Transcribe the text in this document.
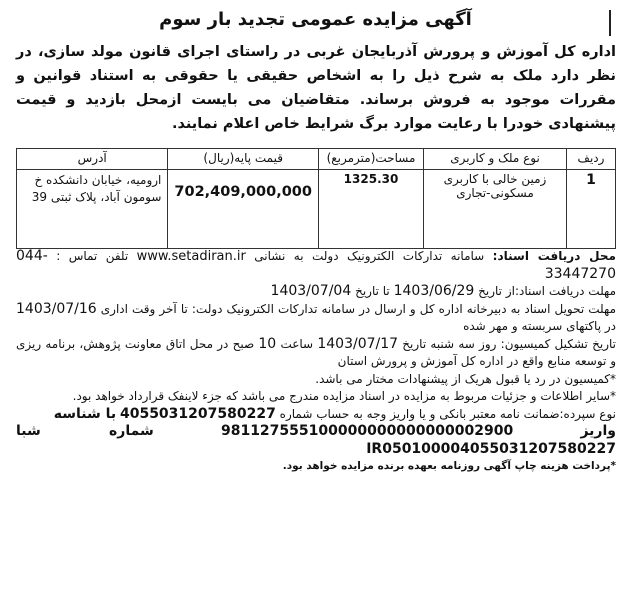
آگهی مزایده عمومی تجدید بار سوم
اداره کل آموزش و پرورش آذربایجان غربی در راستای اجرای قانون مولد سازی، در نظر دارد ملک به شرح ذیل را به اشخاص حقیقی یا حقوقی به استناد قوانین و مقررات موجود به فروش برساند. متقاضیان می بایست ازمحل بازدید و قیمت پیشنهادی خودرا با رعایت موارد برگ شرایط خاص اعلام نمایند.
ردیف	نوع ملک و کاربری	مساحت(مترمربع)	قیمت پایه(ریال)	آدرس
1	زمین خالی با کاربری مسکونی-تجاری	1325.30	702,409,000,000	ارومیه، خیابان دانشکده خ سومون آباد، پلاک ثبتی 39

محل دریافت اسناد: سامانه تدارکات الکترونیک دولت به نشانی www.setadiran.ir تلفن تماس : 044-33447270

مهلت دریافت اسناد:از تاریخ 1403/06/29 تا تاریخ 1403/07/04

مهلت تحویل اسناد به دبیرخانه اداره کل و ارسال در سامانه تدارکات الکترونیک دولت: تا آخر وقت اداری 1403/07/16 در پاکتهای سربسته و مهر شده

تاریخ تشکیل کمیسیون: روز سه شنبه تاریخ 1403/07/17 ساعت 10 صبح در محل اتاق معاونت پژوهش، برنامه ریزی و توسعه منابع واقع در اداره کل آموزش و پرورش استان

*کمیسیون در رد یا قبول هریک از پیشنهادات مختار می باشد.

*سایر اطلاعات و جزئیات مربوط به مزایده در اسناد مزایده مندرج می باشد که جزء لاینفک قرارداد خواهد بود.

نوع سپرده:ضمانت نامه معتبر بانکی و یا واریز وجه به حساب شماره 4055031207580227 با شناسه

واریز 981127555100000000000000002900 شماره شبا

IR050100004055031207580227

*پرداخت هزینه چاپ آگهی روزنامه بعهده برنده مزایده خواهد بود.
